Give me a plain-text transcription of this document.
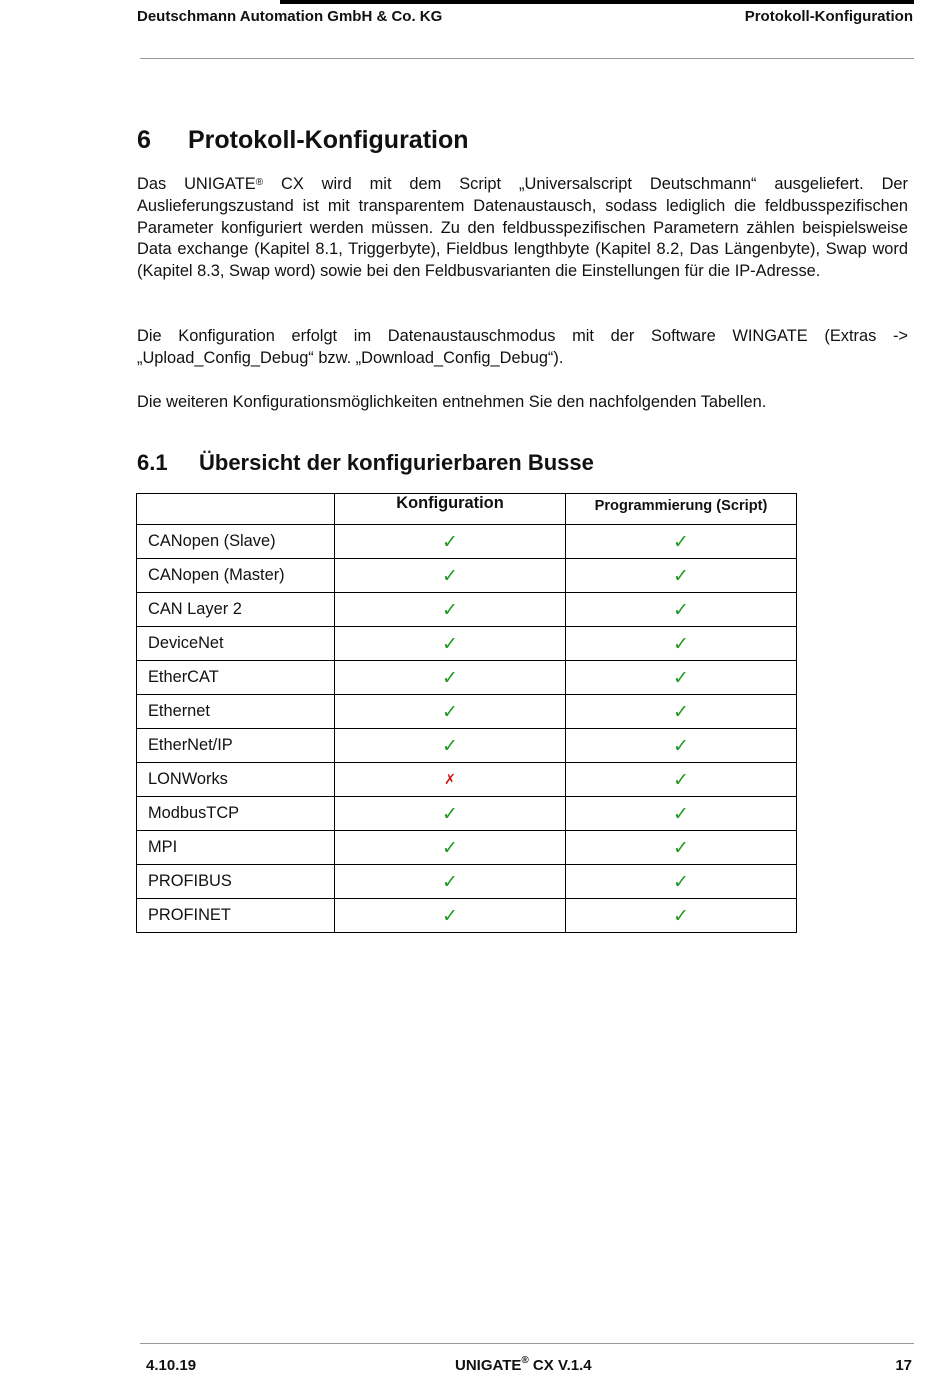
Deutschmann Automation GmbH & Co. KG	Protokoll-Konfiguration
6 Protokoll-Konfiguration

Das UNIGATE® CX wird mit dem Script „Universalscript Deutschmann“ ausgeliefert. Der Auslieferungszustand ist mit transparentem Datenaustausch, sodass lediglich die feldbusspezifischen Parameter konfiguriert werden müssen. Zu den feldbusspezifischen Parametern zählen beispielsweise Data exchange (Kapitel 8.1, Triggerbyte), Fieldbus lengthbyte (Kapitel 8.2, Das Längenbyte), Swap word (Kapitel 8.3, Swap word) sowie bei den Feldbusvarianten die Einstellungen für die IP-Adresse.

Die Konfiguration erfolgt im Datenaustauschmodus mit der Software WINGATE (Extras -> „Upload_Config_Debug“ bzw. „Download_Config_Debug“).

Die weiteren Konfigurationsmöglichkeiten entnehmen Sie den nachfolgenden Tabellen.

6.1 Übersicht der konfigurierbaren Busse
	Konfiguration	Programmierung (Script)
CANopen (Slave)	✓	✓
CANopen (Master)	✓	✓
CAN Layer 2	✓	✓
DeviceNet	✓	✓
EtherCAT	✓	✓
Ethernet	✓	✓
EtherNet/IP	✓	✓
LONWorks	✗	✓
ModbusTCP	✓	✓
MPI	✓	✓
PROFIBUS	✓	✓
PROFINET	✓	✓
4.10.19	UNIGATE® CX V.1.4	17
